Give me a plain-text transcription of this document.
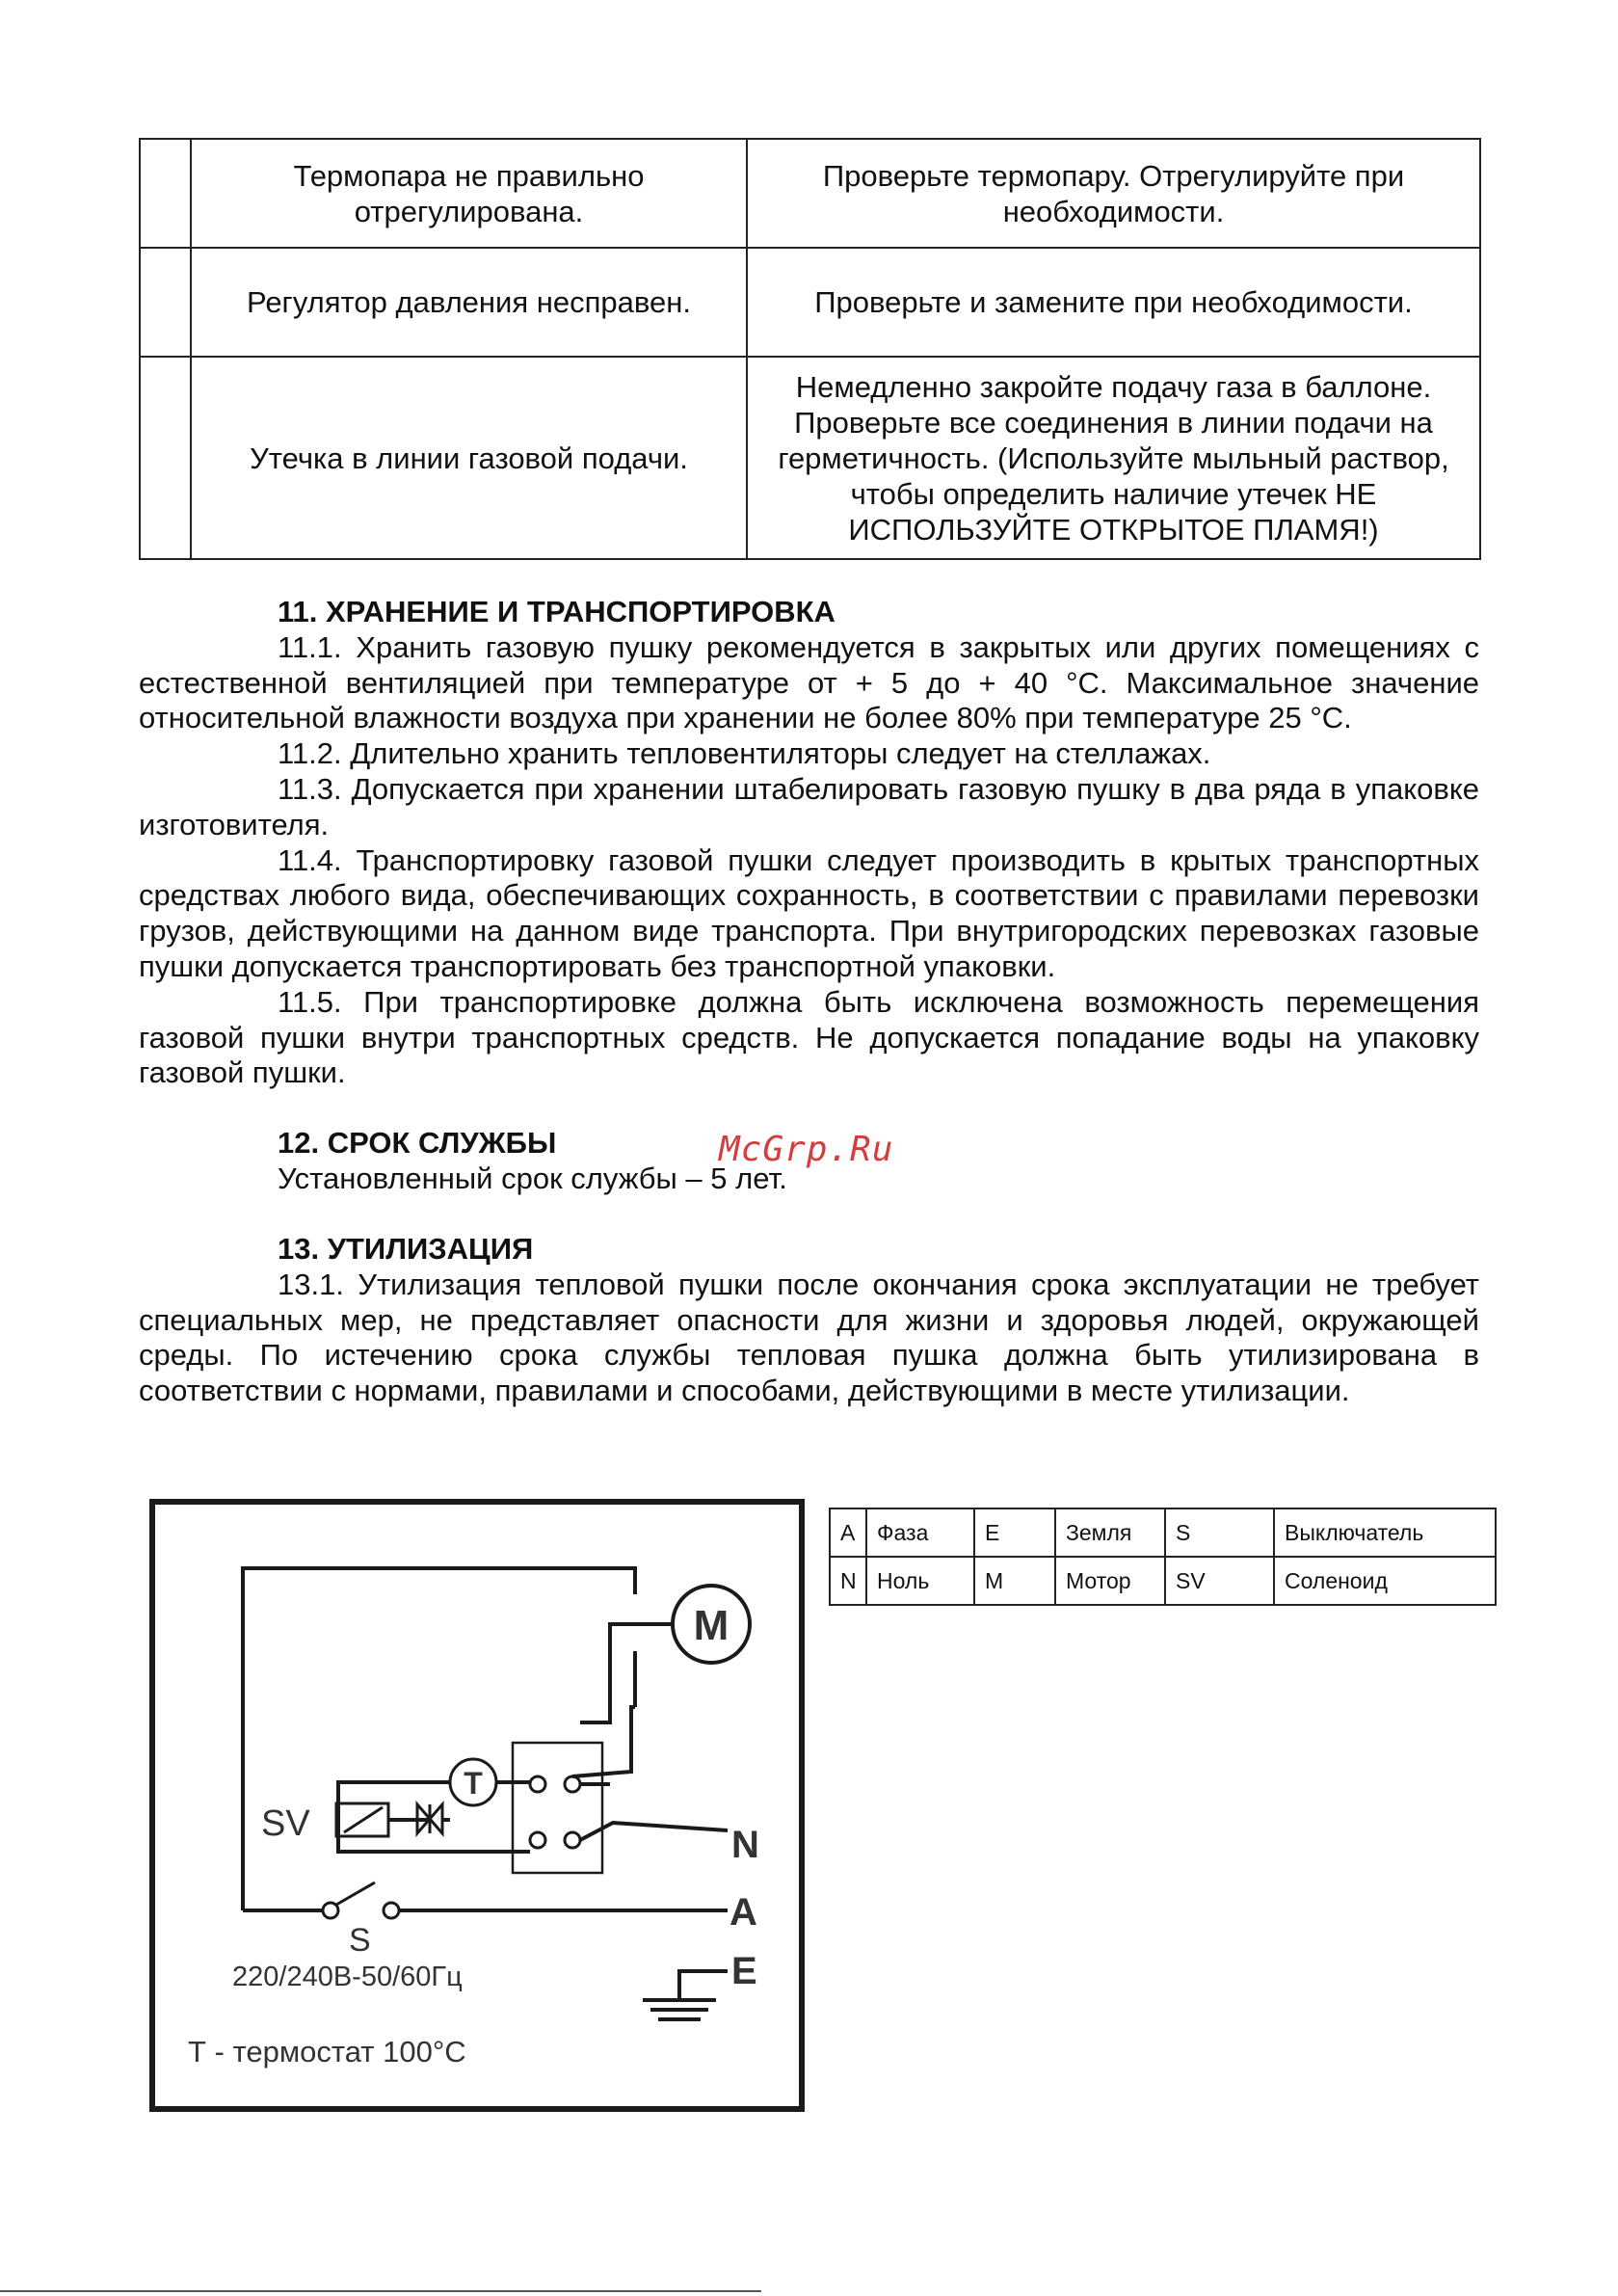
	Термопара не правильно отрегулирована.	Проверьте термопару. Отрегулируйте при необходимости.
	Регулятор давления несправен.	Проверьте и замените при необходимости.
	Утечка в линии газовой подачи.	Немедленно закройте подачу газа в баллоне. Проверьте все соединения в линии подачи на герметичность. (Используйте мыльный раствор, чтобы определить наличие утечек НЕ ИСПОЛЬЗУЙТЕ ОТКРЫТОЕ ПЛАМЯ!)
11. ХРАНЕНИЕ И ТРАНСПОРТИРОВКА

11.1. Хранить газовую пушку рекомендуется в закрытых или других помещениях с естественной вентиляцией при температуре от + 5 до + 40 °С. Максимальное значение относительной влажности воздуха при хранении не более 80% при температуре 25 °С.

11.2. Длительно хранить тепловентиляторы следует на стеллажах.

11.3. Допускается при хранении штабелировать газовую пушку в два ряда в упаковке изготовителя.

11.4. Транспортировку газовой пушки следует производить в крытых транспортных средствах любого вида, обеспечивающих сохранность, в соответствии с правилами перевозки грузов, действующими на данном виде транспорта. При внутригородских перевозках газовые пушки допускается транспортировать без транспортной упаковки.

11.5. При транспортировке должна быть исключена возможность перемещения газовой пушки внутри транспортных средств. Не допускается попадание воды на упаковку газовой пушки.

12. СРОК СЛУЖБЫ

Установленный срок службы – 5 лет.

McGrp.Ru
13. УТИЛИЗАЦИЯ

13.1. Утилизация тепловой пушки после окончания срока эксплуатации не требует специальных мер, не представляет опасности для жизни и здоровья людей, окружающей среды. По истечению срока службы тепловая пушка должна быть утилизирована в соответствии с нормами, правилами и способами, действующими в месте утилизации.

M
T
SV
S
N
A
E
220/240В-50/60Гц
Т - термостат 100°С
A	Фаза	E	Земля	S	Выключатель
N	Ноль	M	Мотор	SV	Соленоид
